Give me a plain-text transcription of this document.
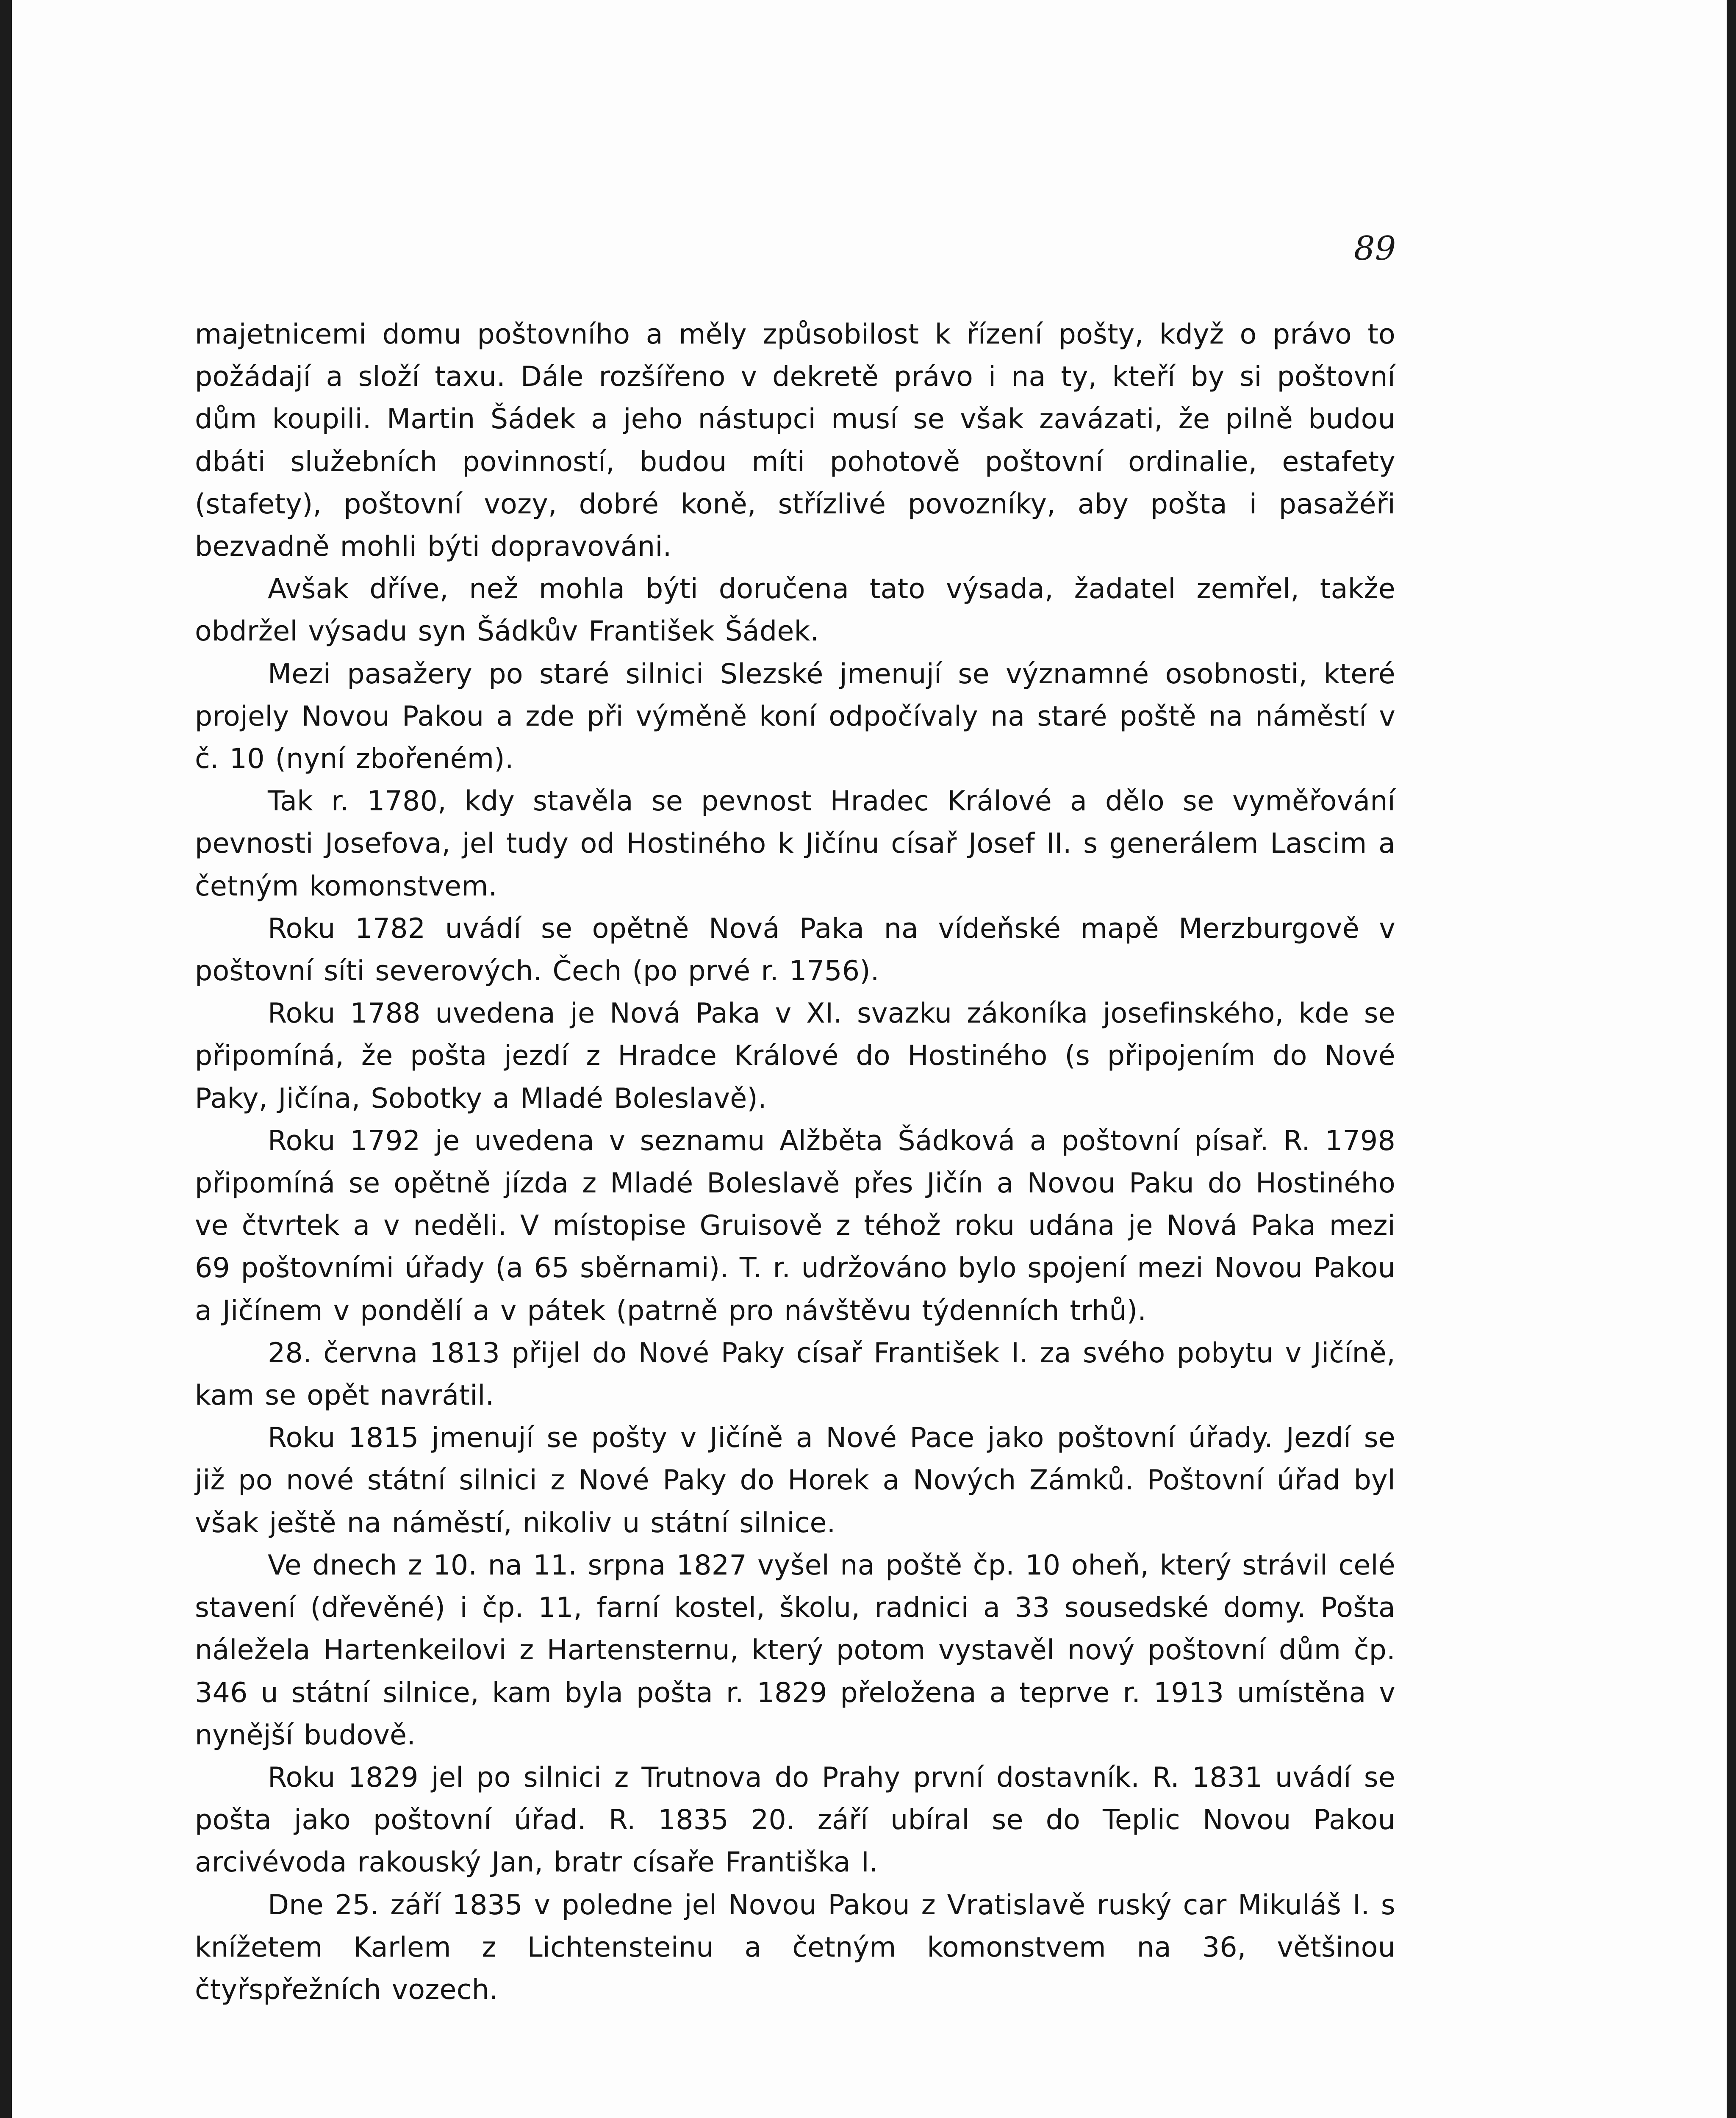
89

majetnicemi domu poštovního a měly způsobilost k řízení pošty, když o právo to požádají a složí taxu. Dále rozšířeno v dekretě právo i na ty, kteří by si poštovní dům koupili. Martin Šádek a jeho nástupci musí se však zavázati, že pilně budou dbáti služebních povinností, budou míti pohotově poštovní ordinalie, estafety (stafety), poštovní vozy, dobré koně, střízlivé povozníky, aby pošta i pasažéři bezvadně mohli býti dopravováni.

Avšak dříve, než mohla býti doručena tato výsada, žadatel zemřel, takže obdržel výsadu syn Šádkův František Šádek.

Mezi pasažery po staré silnici Slezské jmenují se významné osobnosti, které projely Novou Pakou a zde při výměně koní odpočívaly na staré poště na náměstí v č. 10 (nyní zbořeném).

Tak r. 1780, kdy stavěla se pevnost Hradec Králové a dělo se vyměřování pevnosti Josefova, jel tudy od Hostiného k Jičínu císař Josef II. s generálem Lascim a četným komonstvem.

Roku 1782 uvádí se opětně Nová Paka na vídeňské mapě Merzburgově v poštovní síti severových. Čech (po prvé r. 1756).

Roku 1788 uvedena je Nová Paka v XI. svazku zákoníka josefinského, kde se připomíná, že pošta jezdí z Hradce Králové do Hostiného (s připojením do Nové Paky, Jičína, Sobotky a Mladé Boleslavě).

Roku 1792 je uvedena v seznamu Alžběta Šádková a poštovní písař. R. 1798 připomíná se opětně jízda z Mladé Boleslavě přes Jičín a Novou Paku do Hostiného ve čtvrtek a v neděli. V místopise Gruisově z téhož roku udána je Nová Paka mezi 69 poštovními úřady (a 65 sběrnami). T. r. udržováno bylo spojení mezi Novou Pakou a Jičínem v pondělí a v pátek (patrně pro návštěvu týdenních trhů).

28. června 1813 přijel do Nové Paky císař František I. za svého pobytu v Jičíně, kam se opět navrátil.

Roku 1815 jmenují se pošty v Jičíně a Nové Pace jako poštovní úřady. Jezdí se již po nové státní silnici z Nové Paky do Horek a Nových Zámků. Poštovní úřad byl však ještě na náměstí, nikoliv u státní silnice.

Ve dnech z 10. na 11. srpna 1827 vyšel na poště čp. 10 oheň, který strávil celé stavení (dřevěné) i čp. 11, farní kostel, školu, radnici a 33 sousedské domy. Pošta náležela Hartenkeilovi z Hartensternu, který potom vystavěl nový poštovní dům čp. 346 u státní silnice, kam byla pošta r. 1829 přeložena a teprve r. 1913 umístěna v nynější budově.

Roku 1829 jel po silnici z Trutnova do Prahy první dostavník. R. 1831 uvádí se pošta jako poštovní úřad. R. 1835 20. září ubíral se do Teplic Novou Pakou arcivévoda rakouský Jan, bratr císaře Františka I.

Dne 25. září 1835 v poledne jel Novou Pakou z Vratislavě ruský car Mikuláš I. s knížetem Karlem z Lichtensteinu a četným komonstvem na 36, většinou čtyřspřežních vozech.
